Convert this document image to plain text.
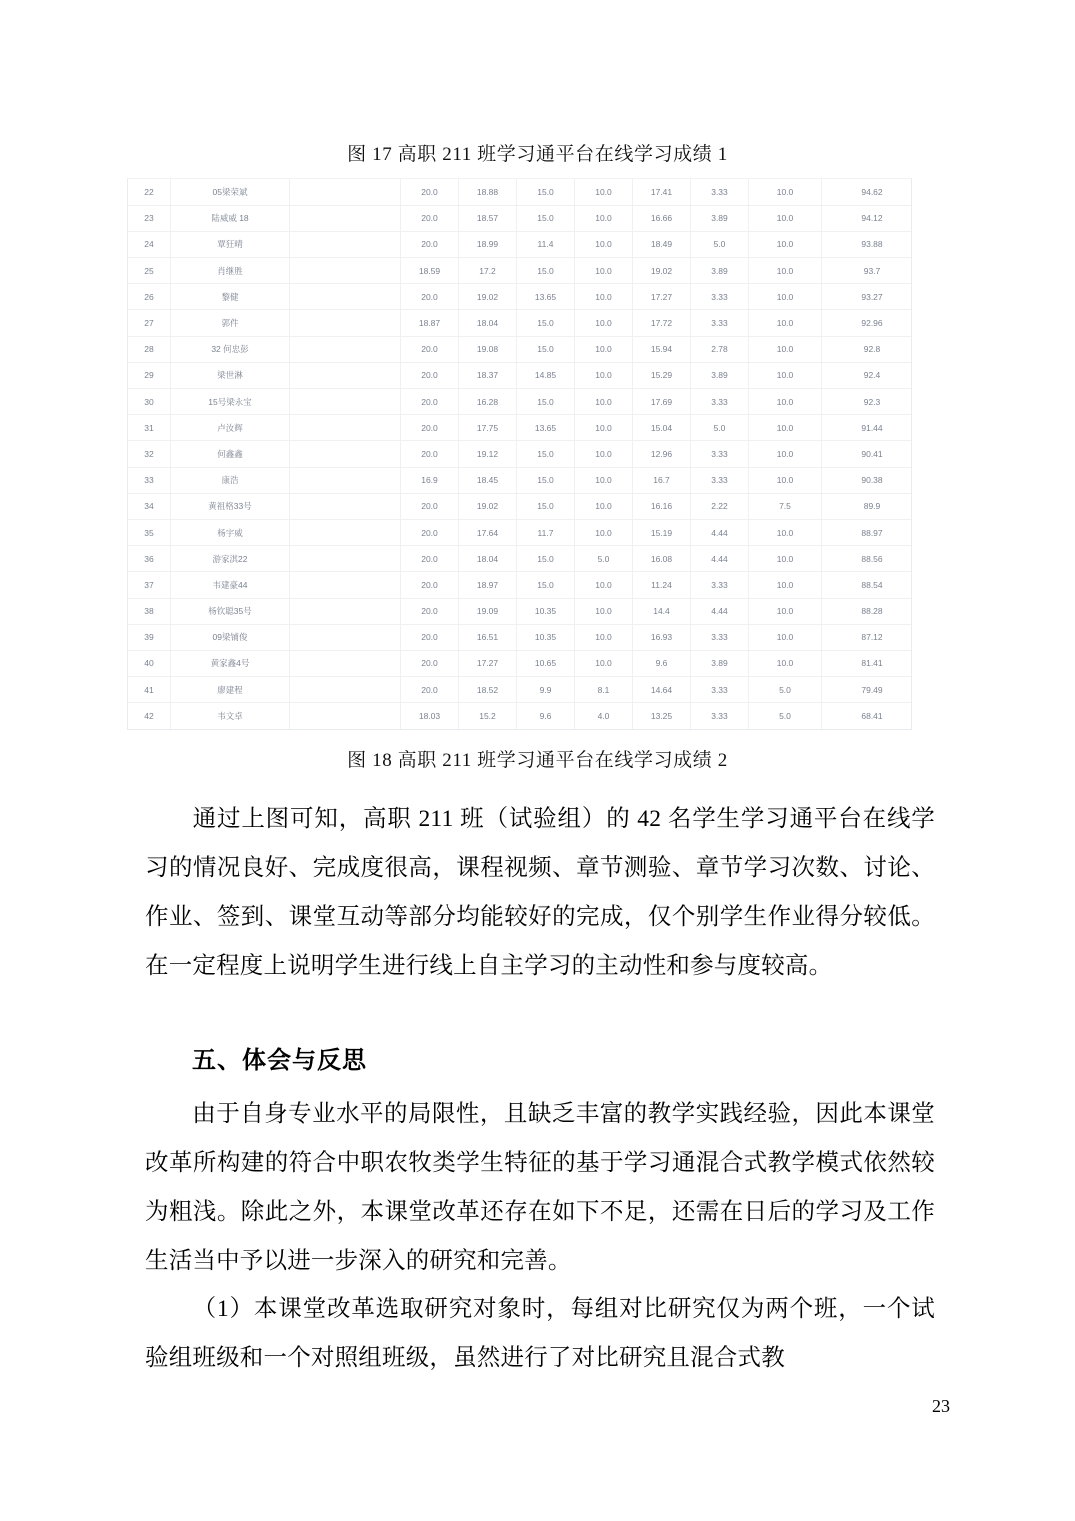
图 17 高职 211 班学习通平台在线学习成绩 1
22	05梁荣斌		20.0	18.88	15.0	10.0	17.41	3.33	10.0	94.62
23	陆威威 18		20.0	18.57	15.0	10.0	16.66	3.89	10.0	94.12
24	覃狂晴		20.0	18.99	11.4	10.0	18.49	5.0	10.0	93.88
25	肖继胜		18.59	17.2	15.0	10.0	19.02	3.89	10.0	93.7
26	黎健		20.0	19.02	13.65	10.0	17.27	3.33	10.0	93.27
27	郭件		18.87	18.04	15.0	10.0	17.72	3.33	10.0	92.96
28	32 何忠彭		20.0	19.08	15.0	10.0	15.94	2.78	10.0	92.8
29	梁世淋		20.0	18.37	14.85	10.0	15.29	3.89	10.0	92.4
30	15号梁永宝		20.0	16.28	15.0	10.0	17.69	3.33	10.0	92.3
31	卢汝辉		20.0	17.75	13.65	10.0	15.04	5.0	10.0	91.44
32	何鑫鑫		20.0	19.12	15.0	10.0	12.96	3.33	10.0	90.41
33	康浩		16.9	18.45	15.0	10.0	16.7	3.33	10.0	90.38
34	黄祖格33号		20.0	19.02	15.0	10.0	16.16	2.22	7.5	89.9
35	杨宇威		20.0	17.64	11.7	10.0	15.19	4.44	10.0	88.97
36	游家淇22		20.0	18.04	15.0	5.0	16.08	4.44	10.0	88.56
37	韦建豪44		20.0	18.97	15.0	10.0	11.24	3.33	10.0	88.54
38	杨钦聪35号		20.0	19.09	10.35	10.0	14.4	4.44	10.0	88.28
39	09梁铺俊		20.0	16.51	10.35	10.0	16.93	3.33	10.0	87.12
40	黄家鑫4号		20.0	17.27	10.65	10.0	9.6	3.89	10.0	81.41
41	廖建程		20.0	18.52	9.9	8.1	14.64	3.33	5.0	79.49
42	韦文卓		18.03	15.2	9.6	4.0	13.25	3.33	5.0	68.41
图 18 高职 211 班学习通平台在线学习成绩 2
通过上图可知，高职 211 班（试验组）的 42 名学生学习通平台在线学习的情况良好、完成度很高，课程视频、章节测验、章节学习次数、讨论、作业、签到、课堂互动等部分均能较好的完成，仅个别学生作业得分较低。在一定程度上说明学生进行线上自主学习的主动性和参与度较高。
五、体会与反思
由于自身专业水平的局限性，且缺乏丰富的教学实践经验，因此本课堂改革所构建的符合中职农牧类学生特征的基于学习通混合式教学模式依然较为粗浅。除此之外，本课堂改革还存在如下不足，还需在日后的学习及工作生活当中予以进一步深入的研究和完善。
（1）本课堂改革选取研究对象时，每组对比研究仅为两个班，一个试验组班级和一个对照组班级，虽然进行了对比研究且混合式教
23
